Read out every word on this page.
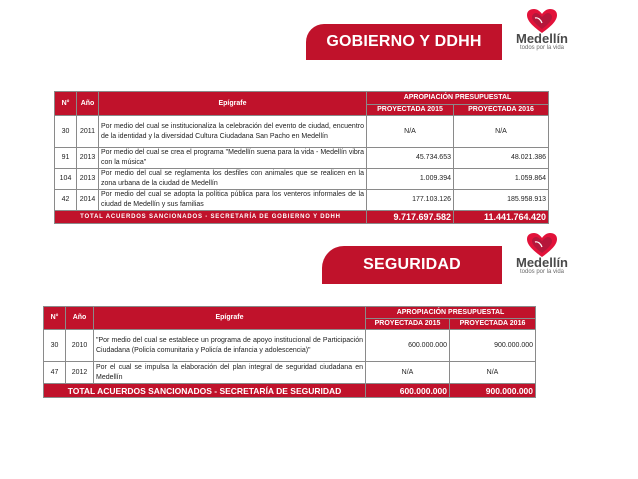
GOBIERNO Y DDHH	Medellín
todos por la vida
N°	Año	Epígrafe	APROPIACIÓN PRESUPUESTAL	
			PROYECTADA 2015	PROYECTADA 2016
30	2011	Por medio del cual se institucionaliza la celebración del evento de ciudad, encuentro de la identidad y la diversidad Cultura Ciudadana San Pacho en Medellín	N/A	N/A
91	2013	Por medio del cual se crea el programa "Medellín suena para la vida - Medellín vibra con la música"	45.734.653	48.021.386
104	2013	Por medio del cual se reglamenta los desfiles con animales que se realicen en la zona urbana de la ciudad de Medellín	1.009.394	1.059.864
42	2014	Por medio del cual se adopta la política pública para los venteros informales de la ciudad de Medellín y sus familias	177.103.126	185.958.913
TOTAL ACUERDOS SANCIONADOS - SECRETARÍA DE GOBIERNO Y DDHH			9.717.697.582	11.441.764.420
SEGURIDAD	Medellín
todos por la vida
N°	Año	Epígrafe	APROPIACIÓN PRESUPUESTAL	
			PROYECTADA 2015	PROYECTADA 2016
30	2010	"Por medio del cual se establece un programa de apoyo institucional de Participación Ciudadana (Policía comunitaria y Policía de infancia y adolescencia)"	600.000.000	900.000.000
47	2012	Por el cual se impulsa la elaboración del plan integral de seguridad ciudadana en Medellín	N/A	N/A
TOTAL ACUERDOS SANCIONADOS - SECRETARÍA DE SEGURIDAD			600.000.000	900.000.000
